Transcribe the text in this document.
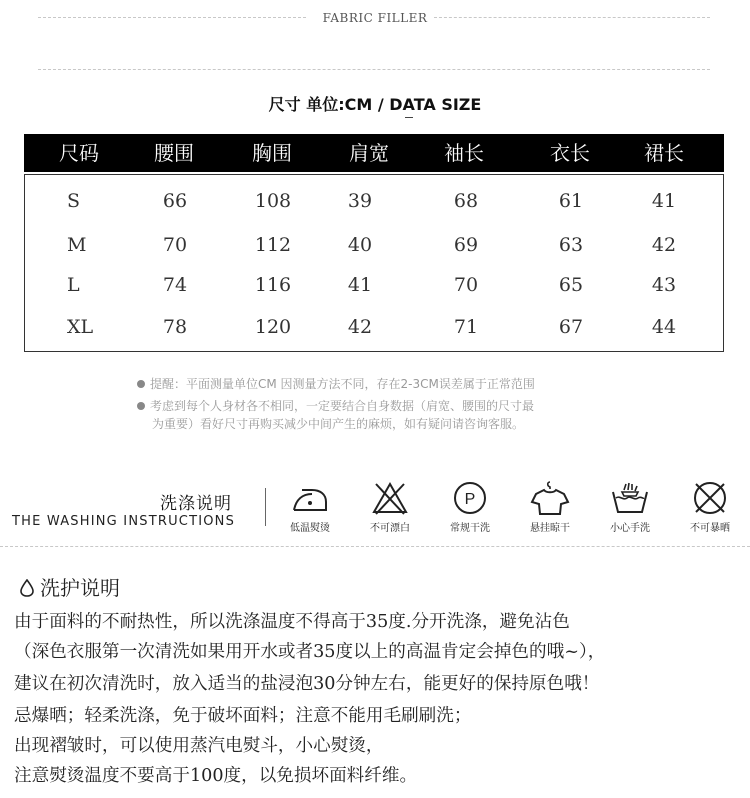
FABRIC FILLER
尺寸 单位:CM / DATA SIZE
尺码	腰围	胸围	肩宽	袖长	衣长	裙长
S	66	108	39	68	61	41
M	70	112	40	69	63	42
L	74	116	41	70	65	43
XL	78	120	42	71	67	44
提醒：平面测量单位CM 因测量方法不同，存在2-3CM误差属于正常范围
考虑到每个人身材各不相同，一定要结合自身数据（肩宽、腰围的尺寸最
为重要）看好尺寸再购买减少中间产生的麻烦，如有疑问请咨询客服。
洗涤说明
THE WASHING INSTRUCTIONS	低温熨烫	不可漂白
P
常规干洗	悬挂晾干	小心手洗	不可暴晒
洗护说明
由于面料的不耐热性，所以洗涤温度不得高于35度.分开洗涤，避免沾色
（深色衣服第一次清洗如果用开水或者35度以上的高温肯定会掉色的哦~），
建议在初次清洗时，放入适当的盐浸泡30分钟左右，能更好的保持原色哦！
忌爆晒；轻柔洗涤，免于破坏面料；注意不能用毛刷刷洗；
出现褶皱时，可以使用蒸汽电熨斗，小心熨烫，
注意熨烫温度不要高于100度，以免损坏面料纤维。
